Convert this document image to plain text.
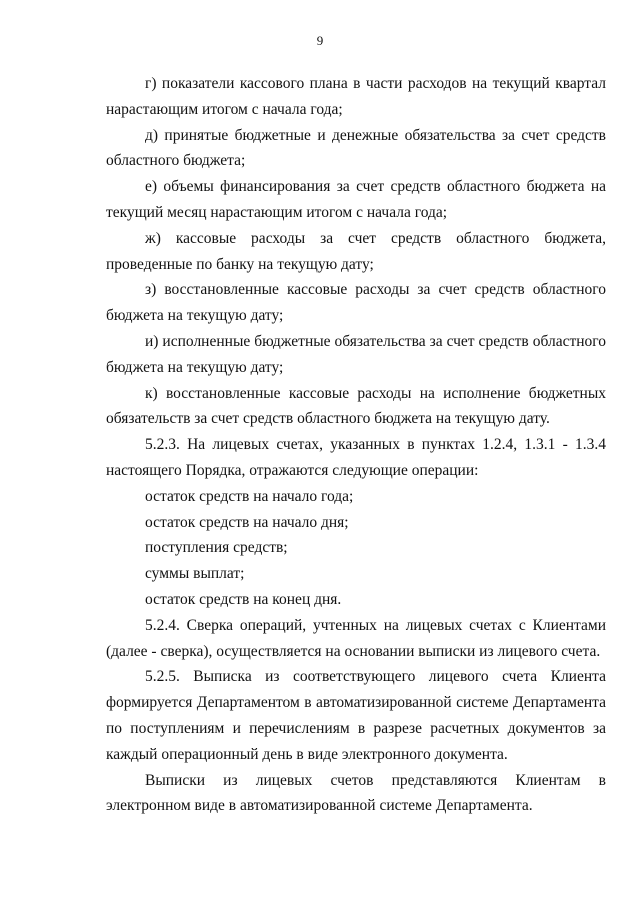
9

г) показатели кассового плана в части расходов на текущий квартал нарастающим итогом с начала года;

д) принятые бюджетные и денежные обязательства за счет средств областного бюджета;

е) объемы финансирования за счет средств областного бюджета на текущий месяц нарастающим итогом с начала года;

ж) кассовые расходы за счет средств областного бюджета, проведенные по банку на текущую дату;

з) восстановленные кассовые расходы за счет средств областного бюджета на текущую дату;

и) исполненные бюджетные обязательства за счет средств областного бюджета на текущую дату;

к) восстановленные кассовые расходы на исполнение бюджетных обязательств за счет средств областного бюджета на текущую дату.

5.2.3. На лицевых счетах, указанных в пунктах 1.2.4, 1.3.1 - 1.3.4 настоящего Порядка, отражаются следующие операции:

остаток средств на начало года;

остаток средств на начало дня;

поступления средств;

суммы выплат;

остаток средств на конец дня.

5.2.4. Сверка операций, учтенных на лицевых счетах с Клиентами (далее - сверка), осуществляется на основании выписки из лицевого счета.

5.2.5. Выписка из соответствующего лицевого счета Клиента формируется Департаментом в автоматизированной системе Департамента по поступлениям и перечислениям в разрезе расчетных документов за каждый операционный день в виде электронного документа.

Выписки из лицевых счетов представляются Клиентам в электронном виде в автоматизированной системе Департамента.
